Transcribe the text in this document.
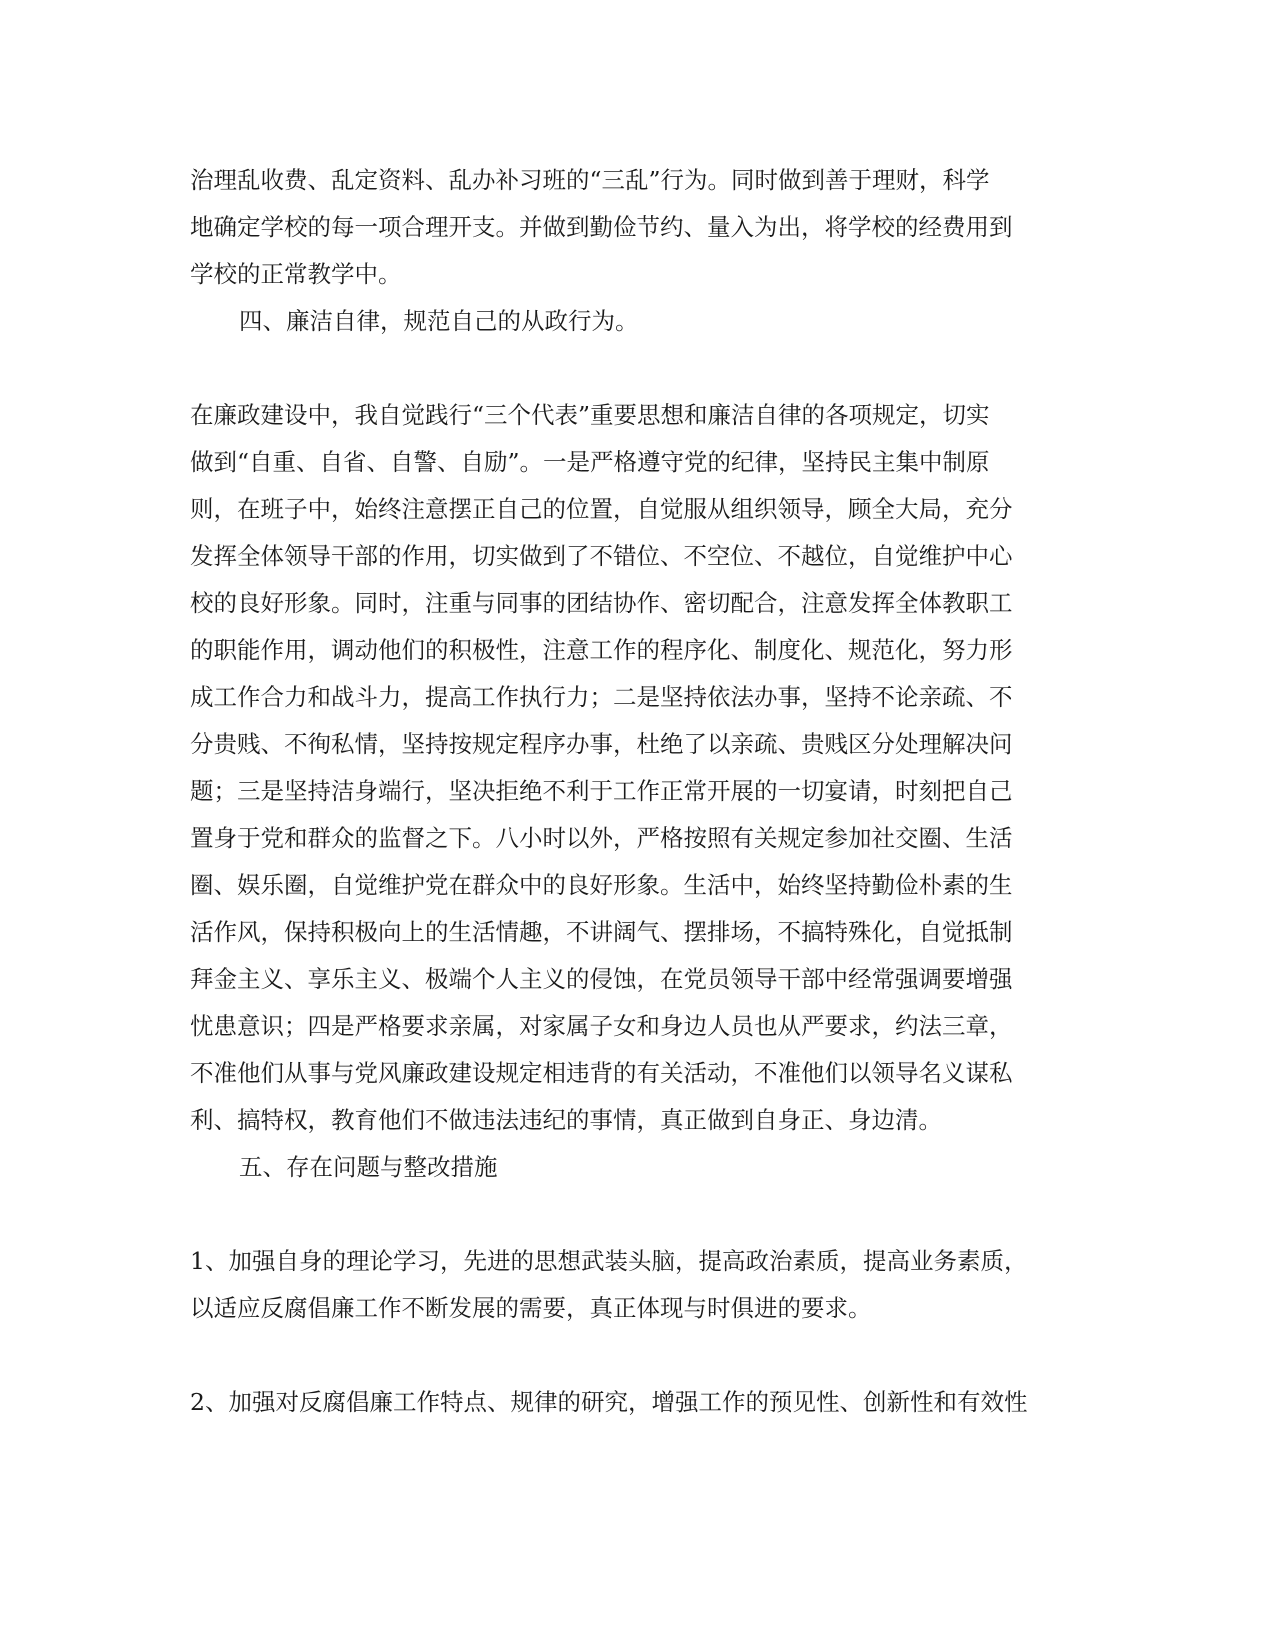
治理乱收费、乱定资料、乱办补习班的“三乱”行为。同时做到善于理财，科学
地确定学校的每一项合理开支。并做到勤俭节约、量入为出，将学校的经费用到
学校的正常教学中。
四、廉洁自律，规范自己的从政行为。
在廉政建设中，我自觉践行“三个代表”重要思想和廉洁自律的各项规定，切实
做到“自重、自省、自警、自励”。一是严格遵守党的纪律，坚持民主集中制原
则，在班子中，始终注意摆正自己的位置，自觉服从组织领导，顾全大局，充分
发挥全体领导干部的作用，切实做到了不错位、不空位、不越位，自觉维护中心
校的良好形象。同时，注重与同事的团结协作、密切配合，注意发挥全体教职工
的职能作用，调动他们的积极性，注意工作的程序化、制度化、规范化，努力形
成工作合力和战斗力，提高工作执行力；二是坚持依法办事，坚持不论亲疏、不
分贵贱、不徇私情，坚持按规定程序办事，杜绝了以亲疏、贵贱区分处理解决问
题；三是坚持洁身端行，坚决拒绝不利于工作正常开展的一切宴请，时刻把自己
置身于党和群众的监督之下。八小时以外，严格按照有关规定参加社交圈、生活
圈、娱乐圈，自觉维护党在群众中的良好形象。生活中，始终坚持勤俭朴素的生
活作风，保持积极向上的生活情趣，不讲阔气、摆排场，不搞特殊化，自觉抵制
拜金主义、享乐主义、极端个人主义的侵蚀，在党员领导干部中经常强调要增强
忧患意识；四是严格要求亲属，对家属子女和身边人员也从严要求，约法三章，
不准他们从事与党风廉政建设规定相违背的有关活动，不准他们以领导名义谋私
利、搞特权，教育他们不做违法违纪的事情，真正做到自身正、身边清。
五、存在问题与整改措施
1、加强自身的理论学习，先进的思想武装头脑，提高政治素质，提高业务素质，
以适应反腐倡廉工作不断发展的需要，真正体现与时俱进的要求。
2、加强对反腐倡廉工作特点、规律的研究，增强工作的预见性、创新性和有效性
